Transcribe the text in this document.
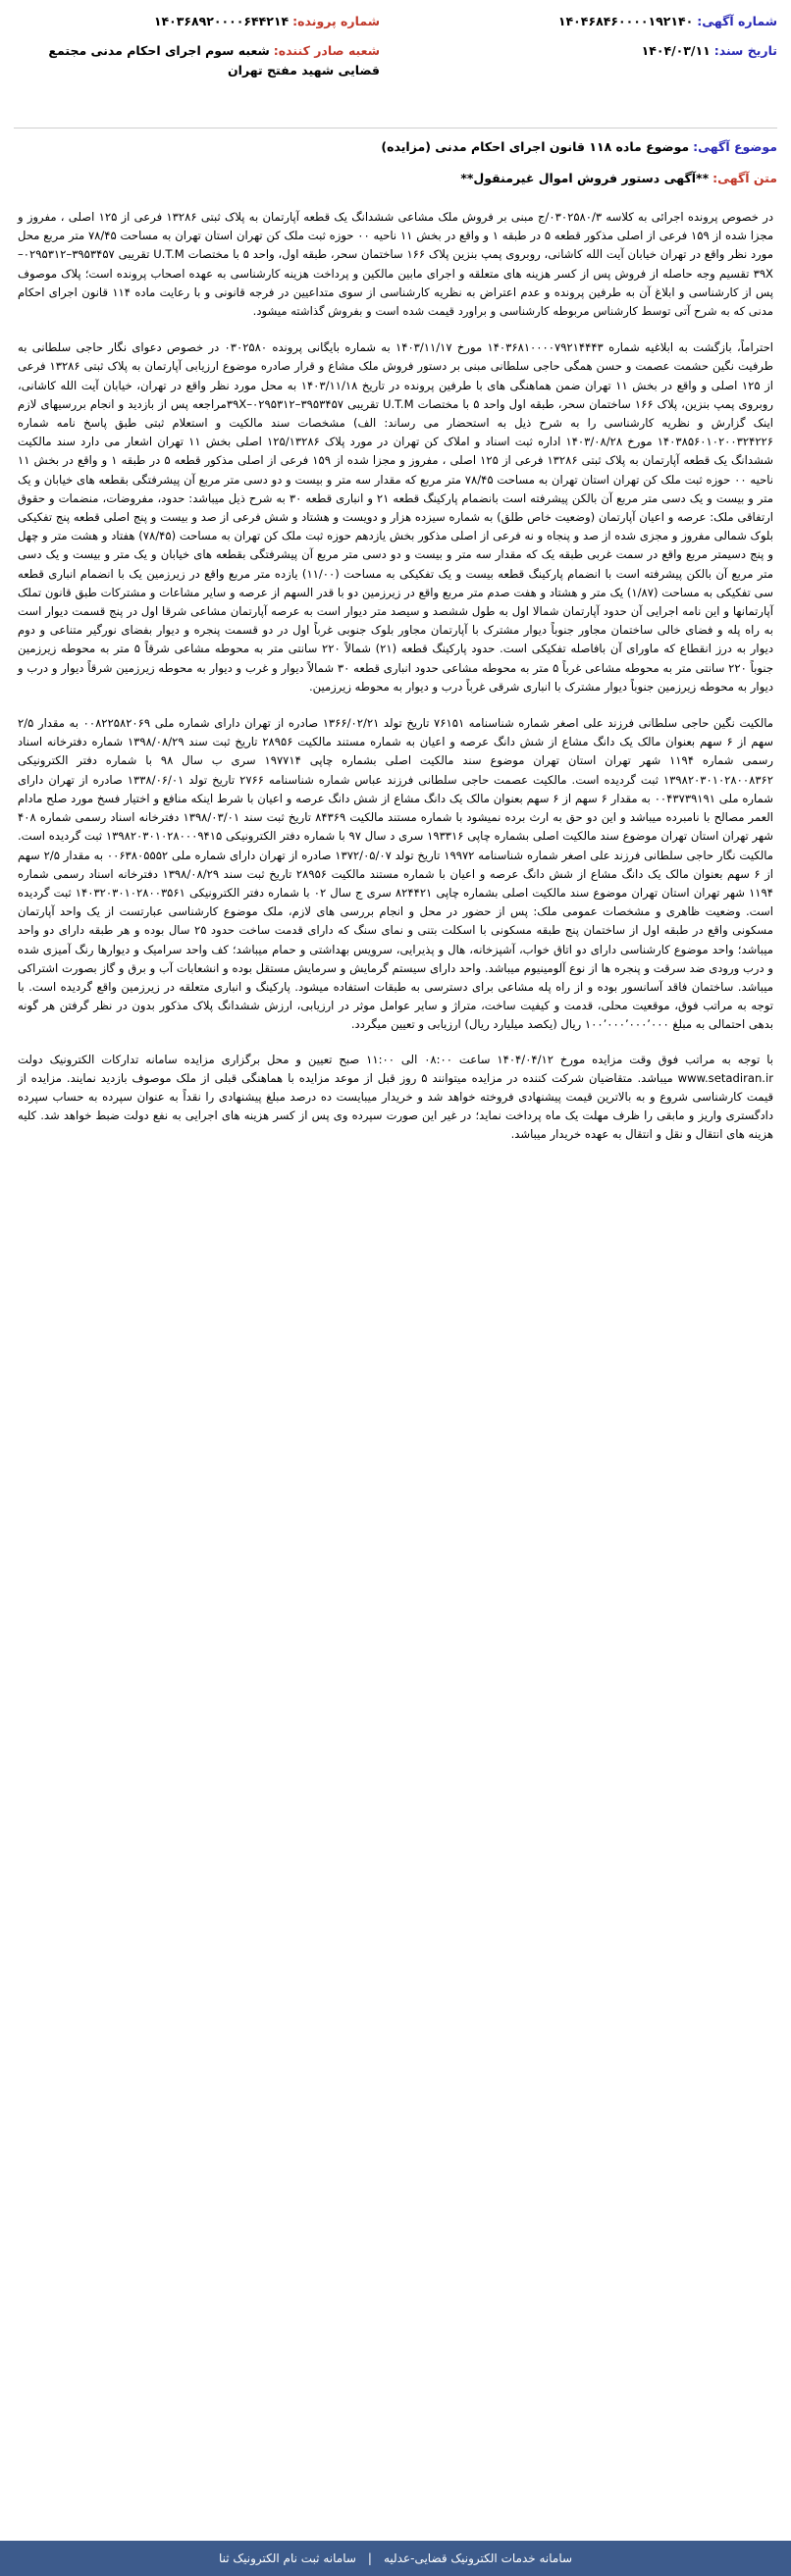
شماره آگهی: ۱۴۰۴۶۸۴۶۰۰۰۰۱۹۲۱۴۰
شماره پرونده: ۱۴۰۳۶۸۹۲۰۰۰۰۶۴۴۲۱۴
تاریخ سند: ۱۴۰۴/۰۳/۱۱
شعبه صادر کننده: شعبه سوم اجرای احکام مدنی مجتمع قضایی شهید مفتح تهران
موضوع آگهی: موضوع ماده ۱۱۸ قانون اجرای احکام مدنی (مزایده)
متن آگهی: **آگهی دستور فروش اموال غیرمنقول**

در خصوص پرونده اجرائی به کلاسه ۰۳۰۲۵۸۰/۳/ج مبنی بر فروش ملک مشاعی ششدانگ یک قطعه آپارتمان به پلاک ثبتی ۱۳۲۸۶ فرعی از ۱۲۵ اصلی ، مفروز و مجزا شده از ۱۵۹ فرعی از اصلی مذکور قطعه ۵ در طبقه ۱ و واقع در بخش ۱۱ ناحیه ۰۰ حوزه ثبت ملک کن تهران استان تهران به مساحت ۷۸/۴۵ متر مربع محل مورد نظر واقع در تهران خیابان آیت الله کاشانی، روبروی پمپ بنزین پلاک ۱۶۶ ساختمان سحر، طبقه اول، واحد ۵ با مختصات U.T.M تقریبی ۳۹۵۳۴۵۷–۰۲۹۵۳۱۲–۳۹X تقسیم وجه حاصله از فروش پس از کسر هزینه های متعلقه و اجرای مابین مالکین و پرداخت هزینه کارشناسی به عهده اصحاب پرونده است؛ پلاک موصوف پس از کارشناسی و ابلاغ آن به طرفین پرونده و عدم اعتراض به نظریه کارشناسی از سوی متداعیین در فرجه قانونی و با رعایت ماده ۱۱۴ قانون اجرای احکام مدنی که به شرح آتی توسط کارشناس مربوطه کارشناسی و براورد قیمت شده است و بفروش گذاشته میشود.

احتراماً، بازگشت به ابلاغیه شماره ۱۴۰۳۶۸۱۰۰۰۰۷۹۲۱۴۴۴۳ مورخ ۱۴۰۳/۱۱/۱۷ به شماره بایگانی پرونده ۰۳۰۲۵۸۰ در خصوص دعوای نگار حاجی سلطانی به طرفیت نگین حشمت عصمت و حسن همگی حاجی سلطانی مبنی بر دستور فروش ملک مشاع و قرار صادره موضوع ارزیابی آپارتمان به پلاک ثبتی ۱۳۲۸۶ فرعی از ۱۲۵ اصلی و واقع در بخش ۱۱ تهران ضمن هماهنگی های با طرفین پرونده در تاریخ ۱۴۰۳/۱۱/۱۸ به محل مورد نظر واقع در تهران، خیابان آیت الله کاشانی، روبروی پمپ بنزین، پلاک ۱۶۶ ساختمان سحر، طبقه اول واحد ۵ با مختصات U.T.M تقریبی ۳۹۵۳۴۵۷–۰۲۹۵۳۱۲–۳۹Xمراجعه پس از بازدید و انجام بررسیهای لازم اینک گزارش و نظریه کارشناسی را به شرح ذیل به استحضار می رساند: الف) مشخصات سند مالکیت و استعلام ثبتی طبق پاسخ نامه شماره ۱۴۰۳۸۵۶۰۱۰۲۰۰۳۲۴۲۲۶ مورخ ۱۴۰۳/۰۸/۲۸ اداره ثبت اسناد و املاک کن تهران در مورد پلاک ۱۲۵/۱۳۲۸۶ اصلی بخش ۱۱ تهران اشعار می دارد سند مالکیت ششدانگ یک قطعه آپارتمان به پلاک ثبتی ۱۳۲۸۶ فرعی از ۱۲۵ اصلی ، مفروز و مجزا شده از ۱۵۹ فرعی از اصلی مذکور قطعه ۵ در طبقه ۱ و واقع در بخش ۱۱ ناحیه ۰۰ حوزه ثبت ملک کن تهران استان تهران به مساحت ۷۸/۴۵ متر مربع که مقدار سه متر و بیست و دو دسی متر مربع آن پیشرفتگی بقطعه های خیابان و یک متر و بیست و یک دسی متر مربع آن بالکن پیشرفته است بانضمام پارکینگ قطعه ۲۱ و انباری قطعه ۳۰ به شرح ذیل میباشد: حدود، مفروضات، منضمات و حقوق ارتفاقی ملک: عرصه و اعیان آپارتمان (وضعیت خاص طلق) به شماره سیزده هزار و دویست و هشتاد و شش فرعی از صد و بیست و پنج اصلی قطعه پنج تفکیکی بلوک شمالی مفروز و مجزی شده از صد و پنجاه و نه فرعی از اصلی مذکور بخش یازدهم حوزه ثبت ملک کن تهران به مساحت (۷۸/۴۵) هفتاد و هشت متر و چهل و پنج دسیمتر مربع واقع در سمت غربی طبقه یک که مقدار سه متر و بیست و دو دسی متر مربع آن پیشرفتگی بقطعه های خیابان و یک متر و بیست و یک دسی متر مربع آن بالکن پیشرفته است با انضمام پارکینگ قطعه بیست و یک تفکیکی به مساحت (۱۱/۰۰) یازده متر مربع واقع در زیرزمین یک با انضمام انباری قطعه سی تفکیکی به مساحت (۱/۸۷) یک متر و هشتاد و هفت صدم متر مربع واقع در زیرزمین دو با قدر السهم از عرصه و سایر مشاعات و مشترکات طبق قانون تملک آپارتمانها و این نامه اجرایی آن حدود آپارتمان شمالا اول به طول ششصد و سیصد متر دیوار است به عرصه آپارتمان مشاعی شرقا اول در پنج قسمت دیوار است به راه پله و فضای خالی ساختمان مجاور جنوباً دیوار مشترک با آپارتمان مجاور بلوک جنوبی غرباً اول در دو قسمت پنجره و دیوار بفضای نورگیر متناعی و دوم دیوار به درز انقطاع که ماورای آن بافاصله تفکیکی است. حدود پارکینگ قطعه (۲۱) شمالاً ۲۲۰ سانتی متر به محوطه مشاعی شرقاً ۵ متر به محوطه زیرزمین جنوباً ۲۲۰ سانتی متر به محوطه مشاعی غرباً ۵ متر به محوطه مشاعی حدود انباری قطعه ۳۰ شمالاً دیوار و غرب و دیوار به محوطه زیرزمین شرقاً دیوار و درب و دیوار به محوطه زیرزمین جنوباً دیوار مشترک با انباری شرقی غرباً درب و دیوار به محوطه زیرزمین.

مالکیت نگین حاجی سلطانی فرزند علی اصغر شماره شناسنامه ۷۶۱۵۱ تاریخ تولد ۱۳۶۶/۰۲/۲۱ صادره از تهران دارای شماره ملی ۰۰۸۲۲۵۸۲۰۶۹ به مقدار ۲/۵ سهم از ۶ سهم بعنوان مالک یک دانگ مشاع از شش دانگ عرصه و اعیان به شماره مستند مالکیت ۲۸۹۵۶ تاریخ ثبت سند ۱۳۹۸/۰۸/۲۹ شماره دفترخانه اسناد رسمی شماره ۱۱۹۴ شهر تهران استان تهران موضوع سند مالکیت اصلی بشماره چاپی ۱۹۷۷۱۴ سری ب سال ۹۸ با شماره دفتر الکترونیکی ۱۳۹۸۲۰۳۰۱۰۲۸۰۰۸۳۶۲ ثبت گردیده است. مالکیت عصمت حاجی سلطانی فرزند عباس شماره شناسنامه ۲۷۶۶ تاریخ تولد ۱۳۳۸/۰۶/۰۱ صادره از تهران دارای شماره ملی ۰۰۴۳۷۳۹۱۹۱ به مقدار ۶ سهم از ۶ سهم بعنوان مالک یک دانگ مشاع از شش دانگ عرصه و اعیان با شرط اینکه منافع و اختیار فسخ مورد صلح مادام العمر مصالح با نامبرده میباشد و این دو حق به ارث برده نمیشود با شماره مستند مالکیت ۸۴۳۶۹ تاریخ ثبت سند ۱۳۹۸/۰۳/۰۱ دفترخانه اسناد رسمی شماره ۴۰۸ شهر تهران استان تهران موضوع سند مالکیت اصلی بشماره چاپی ۱۹۳۳۱۶ سری د سال ۹۷ با شماره دفتر الکترونیکی ۱۳۹۸۲۰۳۰۱۰۲۸۰۰۰۹۴۱۵ ثبت گردیده است. مالکیت نگار حاجی سلطانی فرزند علی اصغر شماره شناسنامه ۱۹۹۷۲ تاریخ تولد ۱۳۷۲/۰۵/۰۷ صادره از تهران دارای شماره ملی ۰۰۶۳۸۰۵۵۵۲ به مقدار ۲/۵ سهم از ۶ سهم بعنوان مالک یک دانگ مشاع از شش دانگ عرصه و اعیان با شماره مستند مالکیت ۲۸۹۵۶ تاریخ ثبت سند ۱۳۹۸/۰۸/۲۹ دفترخانه اسناد رسمی شماره ۱۱۹۴ شهر تهران استان تهران موضوع سند مالکیت اصلی بشماره چاپی ۸۲۴۴۲۱ سری ج سال ۰۲ با شماره دفتر الکترونیکی ۱۴۰۳۲۰۳۰۱۰۲۸۰۰۳۵۶۱ ثبت گردیده است. وضعیت ظاهری و مشخصات عمومی ملک: پس از حضور در محل و انجام بررسی های لازم، ملک موضوع کارشناسی عبارتست از یک واحد آپارتمان مسکونی واقع در طبقه اول از ساختمان پنج طبقه مسکونی با اسکلت بتنی و نمای سنگ که دارای قدمت ساخت حدود ۲۵ سال بوده و هر طبقه دارای دو واحد میباشد؛ واحد موضوع کارشناسی دارای دو اتاق خواب، آشپزخانه، هال و پذیرایی، سرویس بهداشتی و حمام میباشد؛ کف واحد سرامیک و دیوارها رنگ آمیزی شده و درب ورودی ضد سرقت و پنجره ها از نوع آلومینیوم میباشد. واحد دارای سیستم گرمایش و سرمایش مستقل بوده و انشعابات آب و برق و گاز بصورت اشتراکی میباشد. ساختمان فاقد آسانسور بوده و از راه پله مشاعی برای دسترسی به طبقات استفاده میشود. پارکینگ و انباری متعلقه در زیرزمین واقع گردیده است. با توجه به مراتب فوق، موقعیت محلی، قدمت و کیفیت ساخت، متراژ و سایر عوامل موثر در ارزیابی، ارزش ششدانگ پلاک مذکور بدون در نظر گرفتن هر گونه بدهی احتمالی به مبلغ ۱۰۰٬۰۰۰٬۰۰۰٬۰۰۰ ریال (یکصد میلیارد ریال) ارزیابی و تعیین میگردد.

با توجه به مراتب فوق وقت مزایده مورخ ۱۴۰۴/۰۴/۱۲ ساعت ۰۸:۰۰ الی ۱۱:۰۰ صبح تعیین و محل برگزاری مزایده سامانه تدارکات الکترونیک دولت www.setadiran.ir میباشد. متقاضیان شرکت کننده در مزایده میتوانند ۵ روز قبل از موعد مزایده با هماهنگی قبلی از ملک موصوف بازدید نمایند. مزایده از قیمت کارشناسی شروع و به بالاترین قیمت پیشنهادی فروخته خواهد شد و خریدار میبایست ده درصد مبلغ پیشنهادی را نقداً به عنوان سپرده به حساب سپرده دادگستری واریز و مابقی را ظرف مهلت یک ماه پرداخت نماید؛ در غیر این صورت سپرده وی پس از کسر هزینه های اجرایی به نفع دولت ضبط خواهد شد. کلیه هزینه های انتقال و نقل و انتقال به عهده خریدار میباشد.

سامانه خدمات الکترونیک قضایی-عدلیه
|
سامانه ثبت نام الکترونیک ثنا
